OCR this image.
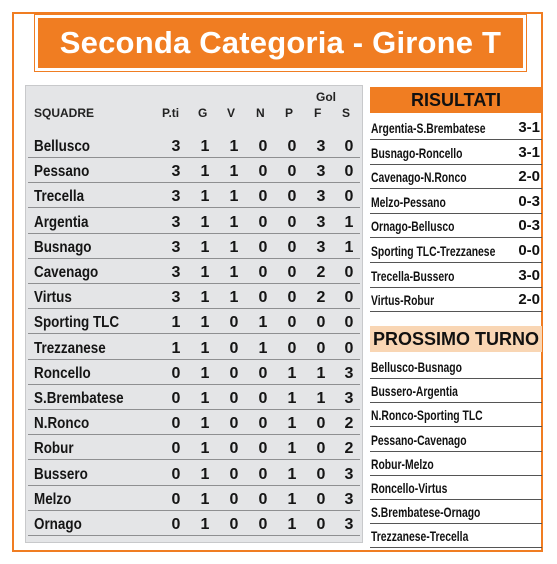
Seconda Categoria - Girone T
Gol
SQUADRE	P.ti G V N P F S
Bellusco	3	1	1	0	0	3	0
Pessano	3	1	1	0	0	3	0
Trecella	3	1	1	0	0	3	0
Argentia	3	1	1	0	0	3	1
Busnago	3	1	1	0	0	3	1
Cavenago	3	1	1	0	0	2	0
Virtus	3	1	1	0	0	2	0
Sporting TLC	1	1	0	1	0	0	0
Trezzanese	1	1	0	1	0	0	0
Roncello	0	1	0	0	1	1	3
S.Brembatese	0	1	0	0	1	1	3
N.Ronco	0	1	0	0	1	0	2
Robur	0	1	0	0	1	0	2
Bussero	0	1	0	0	1	0	3
Melzo	0	1	0	0	1	0	3
Ornago	0	1	0	0	1	0	3
RISULTATI
Argentia-S.Brembatese 3-1
Busnago-Roncello	3-1
Cavenago-N.Ronco	2-0
Melzo-Pessano	0-3
Ornago-Bellusco	0-3
Sporting TLC-Trezzanese 0-0
Trecella-Bussero	3-0
Virtus-Robur	2-0
PROSSIMO TURNO
Bellusco-Busnago
Bussero-Argentia
N.Ronco-Sporting TLC
Pessano-Cavenago
Robur-Melzo
Roncello-Virtus
S.Brembatese-Ornago
Trezzanese-Trecella
